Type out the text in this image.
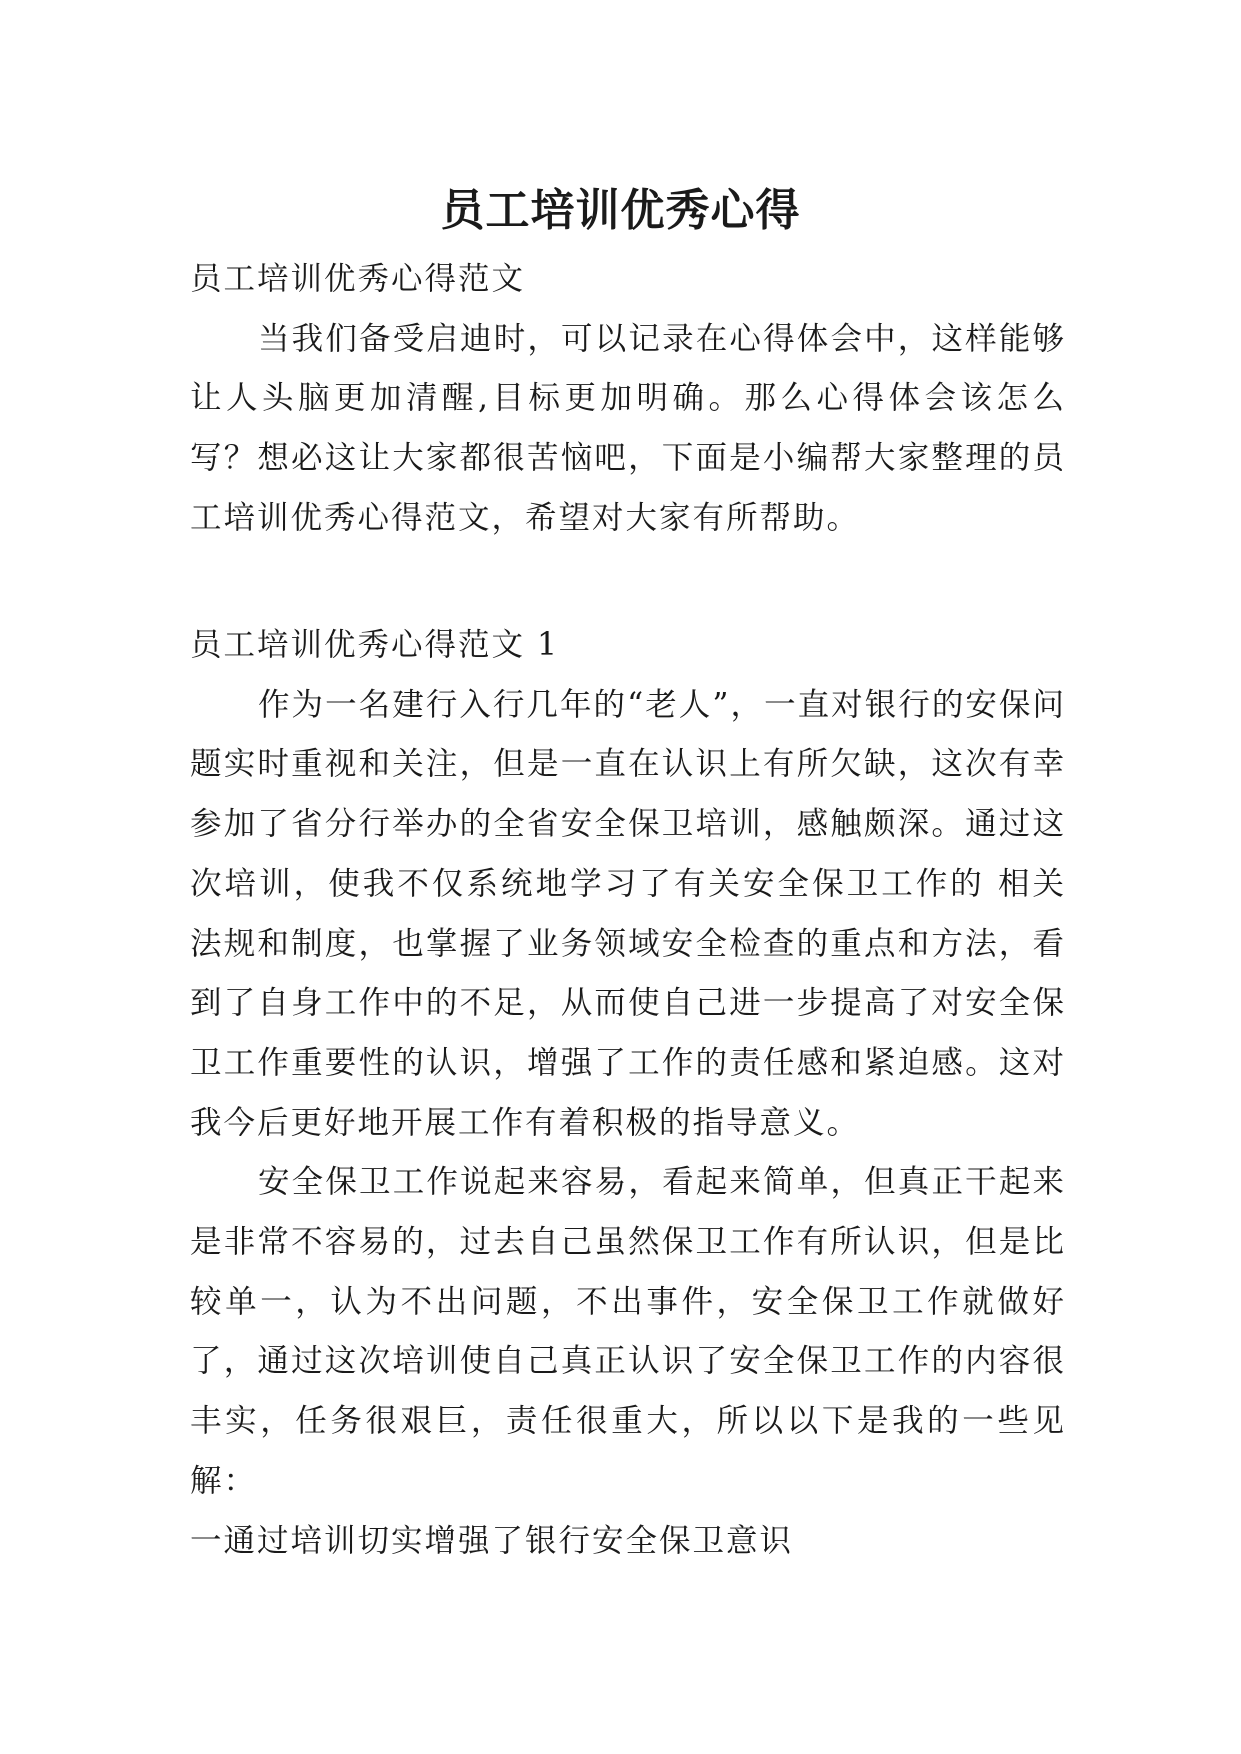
员工培训优秀心得

员工培训优秀心得范文

当我们备受启迪时，可以记录在心得体会中，这样能够让人头脑更加清醒,目标更加明确。那么心得体会该怎么写？想必这让大家都很苦恼吧，下面是小编帮大家整理的员工培训优秀心得范文，希望对大家有所帮助。

员工培训优秀心得范文 1

作为一名建行入行几年的“老人”，一直对银行的安保问题实时重视和关注，但是一直在认识上有所欠缺，这次有幸参加了省分行举办的全省安全保卫培训，感触颇深。通过这次培训，使我不仅系统地学习了有关安全保卫工作的 相关法规和制度，也掌握了业务领域安全检查的重点和方法，看到了自身工作中的不足，从而使自己进一步提高了对安全保卫工作重要性的认识，增强了工作的责任感和紧迫感。这对我今后更好地开展工作有着积极的指导意义。

安全保卫工作说起来容易，看起来简单，但真正干起来是非常不容易的，过去自己虽然保卫工作有所认识，但是比较单一，认为不出问题，不出事件，安全保卫工作就做好了，通过这次培训使自己真正认识了安全保卫工作的内容很丰实，任务很艰巨，责任很重大，所以以下是我的一些见解：

一通过培训切实增强了银行安全保卫意识
